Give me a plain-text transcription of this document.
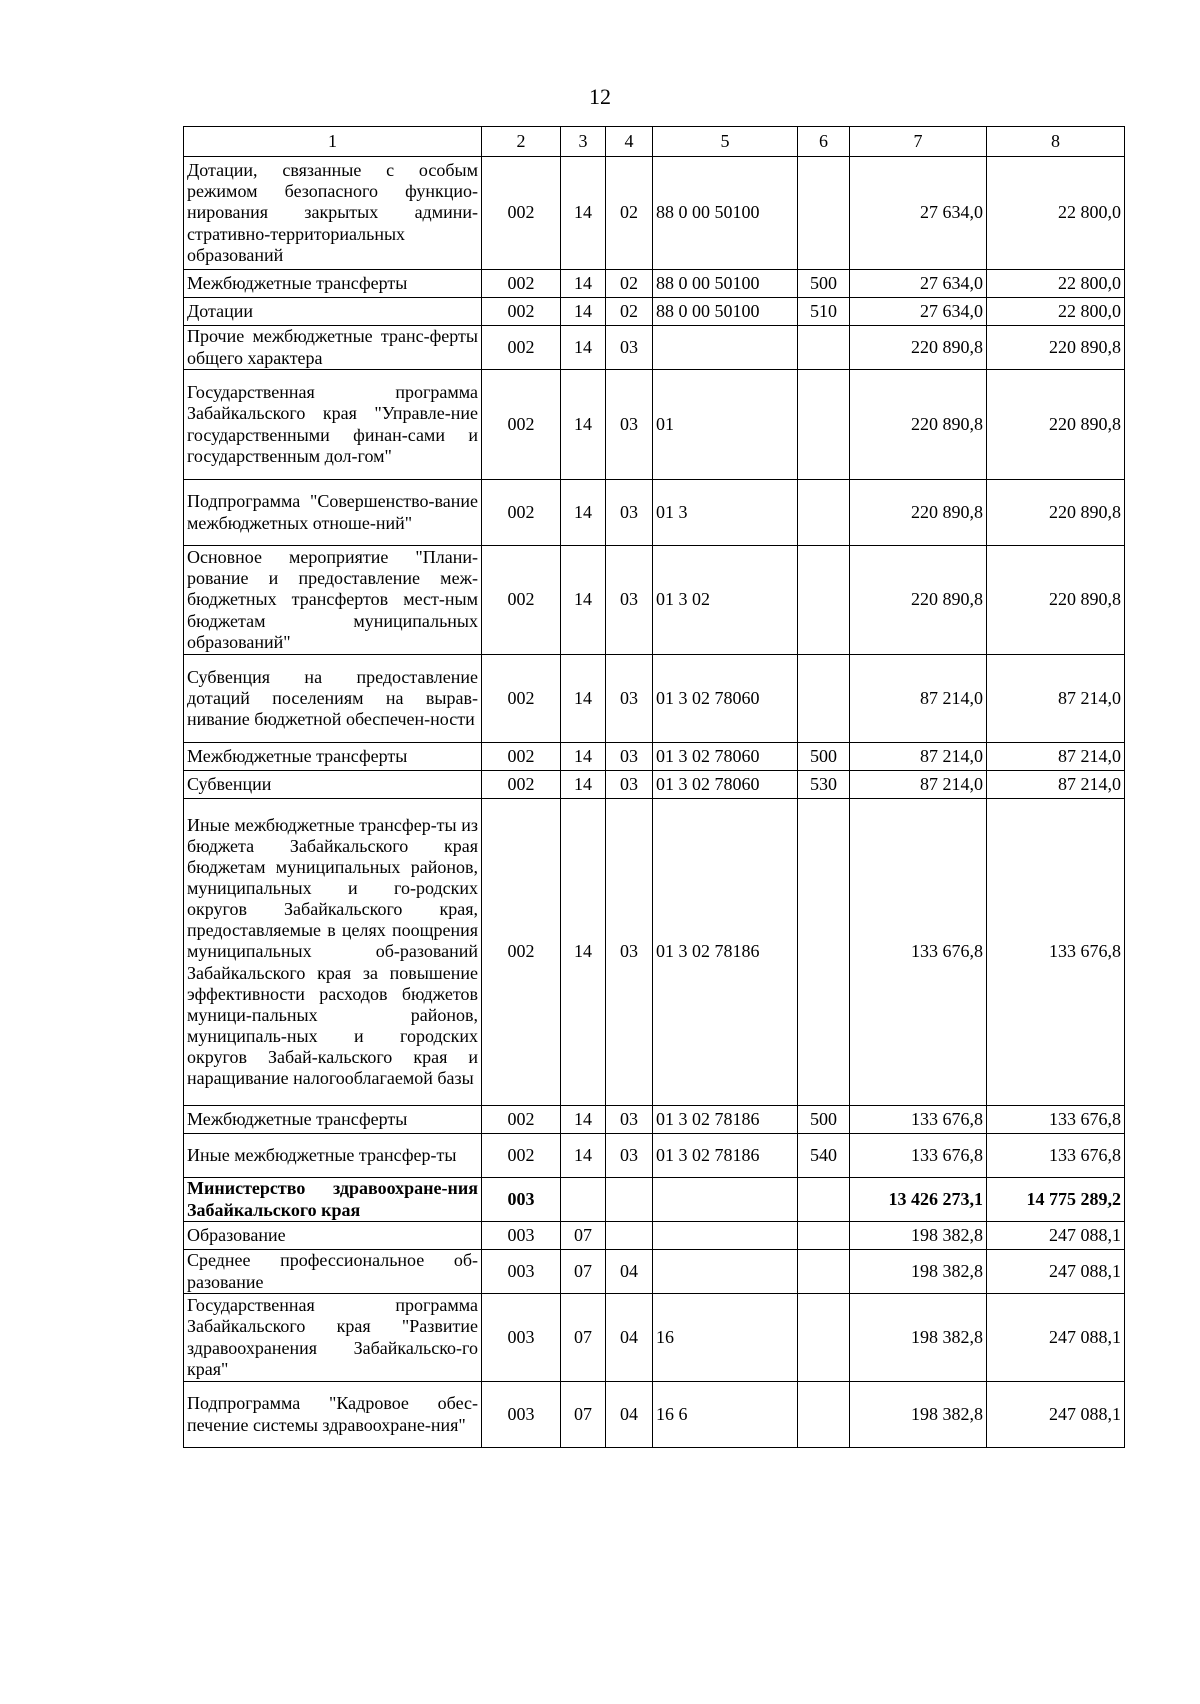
12
1	2	3	4	5	6	7	8
Дотации, связанные с особым режимом безопасного функцио-нирования закрытых админи-стративно-территориальных образований	002	14	02	88 0 00 50100		27 634,0	22 800,0
Межбюджетные трансферты	002	14	02	88 0 00 50100	500	27 634,0	22 800,0
Дотации	002	14	02	88 0 00 50100	510	27 634,0	22 800,0
Прочие межбюджетные транс-ферты общего характера	002	14	03			220 890,8	220 890,8
Государственная программа Забайкальского края "Управле-ние государственными финан-сами и государственным дол-гом"	002	14	03	01		220 890,8	220 890,8
Подпрограмма "Совершенство-вание межбюджетных отноше-ний"	002	14	03	01 3		220 890,8	220 890,8
Основное мероприятие "Плани-рование и предоставление меж-бюджетных трансфертов мест-ным бюджетам муниципальных образований"	002	14	03	01 3 02		220 890,8	220 890,8
Субвенция на предоставление дотаций поселениям на вырав-нивание бюджетной обеспечен-ности	002	14	03	01 3 02 78060		87 214,0	87 214,0
Межбюджетные трансферты	002	14	03	01 3 02 78060	500	87 214,0	87 214,0
Субвенции	002	14	03	01 3 02 78060	530	87 214,0	87 214,0
Иные межбюджетные трансфер-ты из бюджета Забайкальского края бюджетам муниципальных районов, муниципальных и го-родских округов Забайкальского края, предоставляемые в целях поощрения муниципальных об-разований Забайкальского края за повышение эффективности расходов бюджетов муници-пальных районов, муниципаль-ных и городских округов Забай-кальского края и наращивание налогооблагаемой базы	002	14	03	01 3 02 78186		133 676,8	133 676,8
Межбюджетные трансферты	002	14	03	01 3 02 78186	500	133 676,8	133 676,8
Иные межбюджетные трансфер-ты	002	14	03	01 3 02 78186	540	133 676,8	133 676,8
Министерство здравоохране-ния Забайкальского края	003					13 426 273,1	14 775 289,2
Образование	003	07				198 382,8	247 088,1
Среднее профессиональное об-разование	003	07	04			198 382,8	247 088,1
Государственная программа Забайкальского края "Развитие здравоохранения Забайкальско-го края"	003	07	04	16		198 382,8	247 088,1
Подпрограмма "Кадровое обес-печение системы здравоохране-ния"	003	07	04	16 6		198 382,8	247 088,1
